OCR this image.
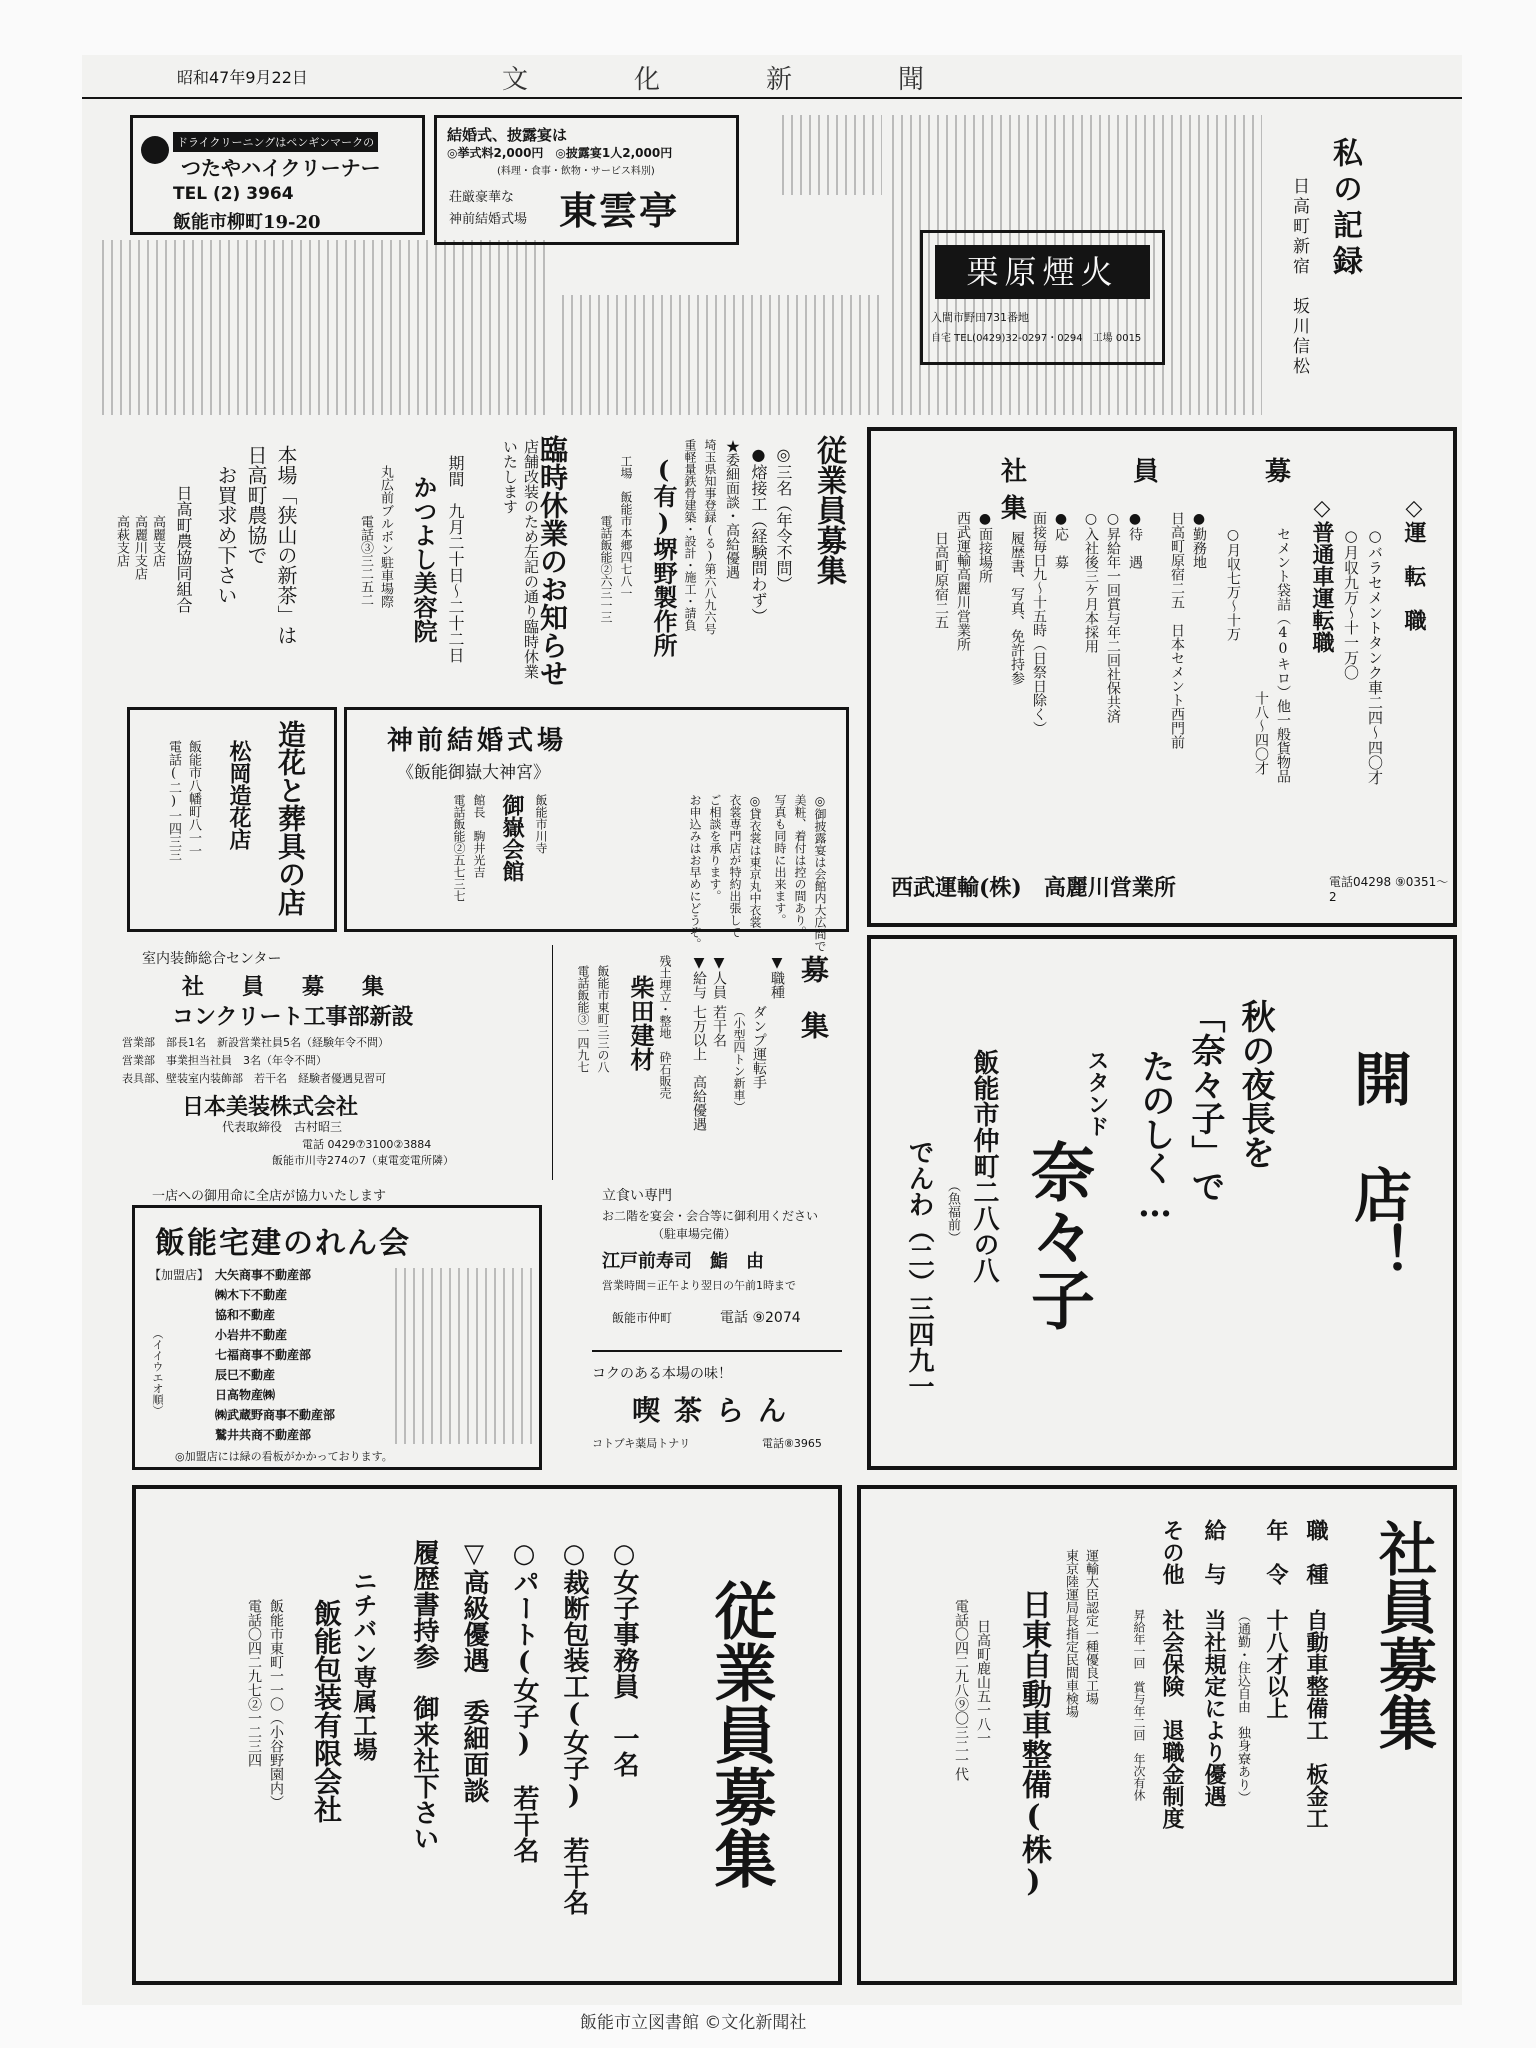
昭和47年9月22日	文　化　新　聞
私の記録
日高町新宿　坂川信松
栗原煙火
入間市野田731番地
自宅 TEL(0429)32-0297・0294　工場 0015
ドライクリーニングはペンギンマークの
つたやハイクリーナー
TEL (2) 3964
飯能市柳町19-20
結婚式、披露宴は
◎挙式料2,000円　◎披露宴1人2,000円
(料理・食事・飲物・サービス料別)
荘厳豪華な
神前結婚式場 東雲亭
本場「狭山の新茶」は
日高町農協で
お買求め下さい
日高町農協同組合
高麗支店
高麗川支店
高萩支店	臨時休業のお知らせ
店舗改装のため左記の通り臨時休業いたします
期間　九月二十日〜二十二日
かつよし美容院
丸広前ブルボン駐車場際
電話③三二五二	従業員募集
◎三名（年令不問）
●熔接工（経験問わず）
★委細面談・高給優遇
埼玉県知事登録(る)第六八九六号
重軽量鉄骨建築・設計・施工・請負
(有)堺野製作所
工場　飯能市本郷四七八一
電話飯能②六三一三
社　員　募　集	◇運　転　職
○バラセメントタンク車二四〜四〇才
○月収九万〜十一万〇
◇普通車運転職
セメント袋詰（40キロ）他一般貨物品
十八〜四〇才
○月収七万〜十万
●勤務地
日高町原宿二五　日本セメント西門前
●待　遇
○昇給年一回賞与年二回社保共済
○入社後三ケ月本採用
●応　募
面接毎日九〜十五時（日祭日除く）
履歴書、写真、免許持参
●面接場所
西武運輸高麗川営業所
日高町原宿二五
西武運輸(株)　高麗川営業所	電話04298 ⑨0351〜2
造花と葬具の店
松岡造花店
飯能市八幡町八一一
電話(二)一四三三	神前結婚式場
《飯能御嶽大神宮》
飯能市川寺
御嶽会館
館長　駒井光吉
電話飯能②五七三七	◎御披露宴は会館内大広間で…
美粧、着付は控の間あり。
写真も同時に出来ます。
◎貸衣裳は東京丸中衣裳
衣裳専門店が特約出張して
ご相談を承ります。
お申込みはお早めにどうぞ。
室内装飾総合センター
社　員　募　集
コンクリート工事部新設
営業部　部長1名　新設営業社員5名（経験年令不問）
営業部　事業担当社員　3名（年令不問）
表具部、壁装室内装飾部　若干名　経験者優遇見習可
日本美装株式会社
代表取締役　古村昭三
電話 0429⑦3100②3884
飯能市川寺274の7（東電変電所隣）
募　集
▼職種
ダンプ運転手
（小型四トン新車）
▼人員
若干名
▼給与
七万以上　高給優遇
残土埋立・整地　砕石販売
柴田建材
飯能市東町三三の八
電話飯能③一四九七
一店への御用命に全店が協力いたします
飯能宅建のれん会
【加盟店】 大矢商事不動産部
㈱木下不動産
協和不動産
小岩井不動産
七福商事不動産部
辰巳不動産
日高物産㈱
㈱武蔵野商事不動産部
鷲井共商不動産部
（イイウエオ順）
◎加盟店には緑の看板がかかっております。
立食い専門
お二階を宴会・会合等に御利用ください
（駐車場完備）
江戸前寿司　鮨　由
営業時間＝正午より翌日の午前1時まで
飯能市仲町	電話 ⑨2074
コクのある本場の味！
喫茶らん
コトブキ薬局トナリ	電話⑧3965
開　店！
秋の夜長を
「奈々子」で
たのしく…
スタンド
奈々子
飯能市仲町二八の八
（魚福前）
でんわ（二）三四九一
従業員募集
○女子事務員　一名
○裁断包装工(女子)　若干名
○パート(女子)　若干名
▽高級優遇　委細面談
履歴書持参　御来社下さい
ニチバン専属工場
飯能包装有限会社
飯能市東町一一〇（小谷野園内）
電話〇四二九七②一二三四	社員募集
職　種
自動車整備工　板金工
年　令
十八才以上
（通勤・住込自由　独身寮あり）
給　与
当社規定により優遇
その他
社会保険　退職金制度
昇給年一回　賞与年二回　年次有休
運輸大臣認定一種優良工場
東京陸運局長指定民間車検場
日東自動車整備(株)
日高町鹿山五一八一
電話〇四二九八⑨〇三二一代
飯能市立図書館 ©文化新聞社
